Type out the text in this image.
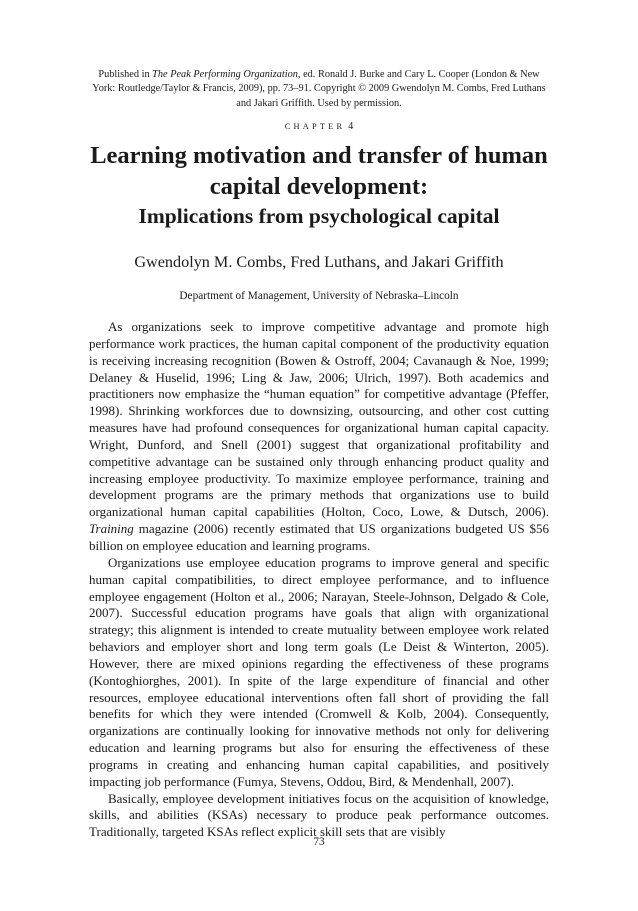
Published in The Peak Performing Organization, ed. Ronald J. Burke and Cary L. Cooper (London & New York: Routledge/Taylor & Francis, 2009), pp. 73–91. Copyright © 2009 Gwendolyn M. Combs, Fred Luthans and Jakari Griffith. Used by permission.
CHAPTER 4
Learning motivation and transfer of human capital development:
Implications from psychological capital
Gwendolyn M. Combs, Fred Luthans, and Jakari Griffith
Department of Management, University of Nebraska–Lincoln

As organizations seek to improve competitive advantage and promote high performance work practices, the human capital component of the productivity equation is receiving increasing recognition (Bowen & Ostroff, 2004; Cavanaugh & Noe, 1999; Delaney & Huselid, 1996; Ling & Jaw, 2006; Ulrich, 1997). Both academics and practitioners now emphasize the “human equation” for competitive advantage (Pfeffer, 1998). Shrinking workforces due to downsizing, outsourcing, and other cost cutting measures have had profound consequences for organizational human capital capacity. Wright, Dunford, and Snell (2001) suggest that organizational profitability and competitive advantage can be sustained only through enhancing product quality and increasing employee productivity. To maximize employee performance, training and development programs are the primary methods that organizations use to build organizational human capital capabilities (Holton, Coco, Lowe, & Dutsch, 2006). Training magazine (2006) recently estimated that US organizations budgeted US $56 billion on employee education and learning programs.

Organizations use employee education programs to improve general and specific human capital compatibilities, to direct employee performance, and to influence employee engagement (Holton et al., 2006; Narayan, Steele-Johnson, Delgado & Cole, 2007). Successful education programs have goals that align with organizational strategy; this alignment is intended to create mutuality between employee work related behaviors and employer short and long term goals (Le Deist & Winterton, 2005). However, there are mixed opinions regarding the effectiveness of these programs (Kontoghiorghes, 2001). In spite of the large expenditure of financial and other resources, employee educational interventions often fall short of providing the fall benefits for which they were intended (Cromwell & Kolb, 2004). Consequently, organizations are continually looking for innovative methods not only for delivering education and learning programs but also for ensuring the effectiveness of these programs in creating and enhancing human capital capabilities, and positively impacting job performance (Fumya, Stevens, Oddou, Bird, & Mendenhall, 2007).

Basically, employee development initiatives focus on the acquisition of knowledge, skills, and abilities (KSAs) necessary to produce peak performance outcomes. Traditionally, targeted KSAs reflect explicit skill sets that are visibly

73
